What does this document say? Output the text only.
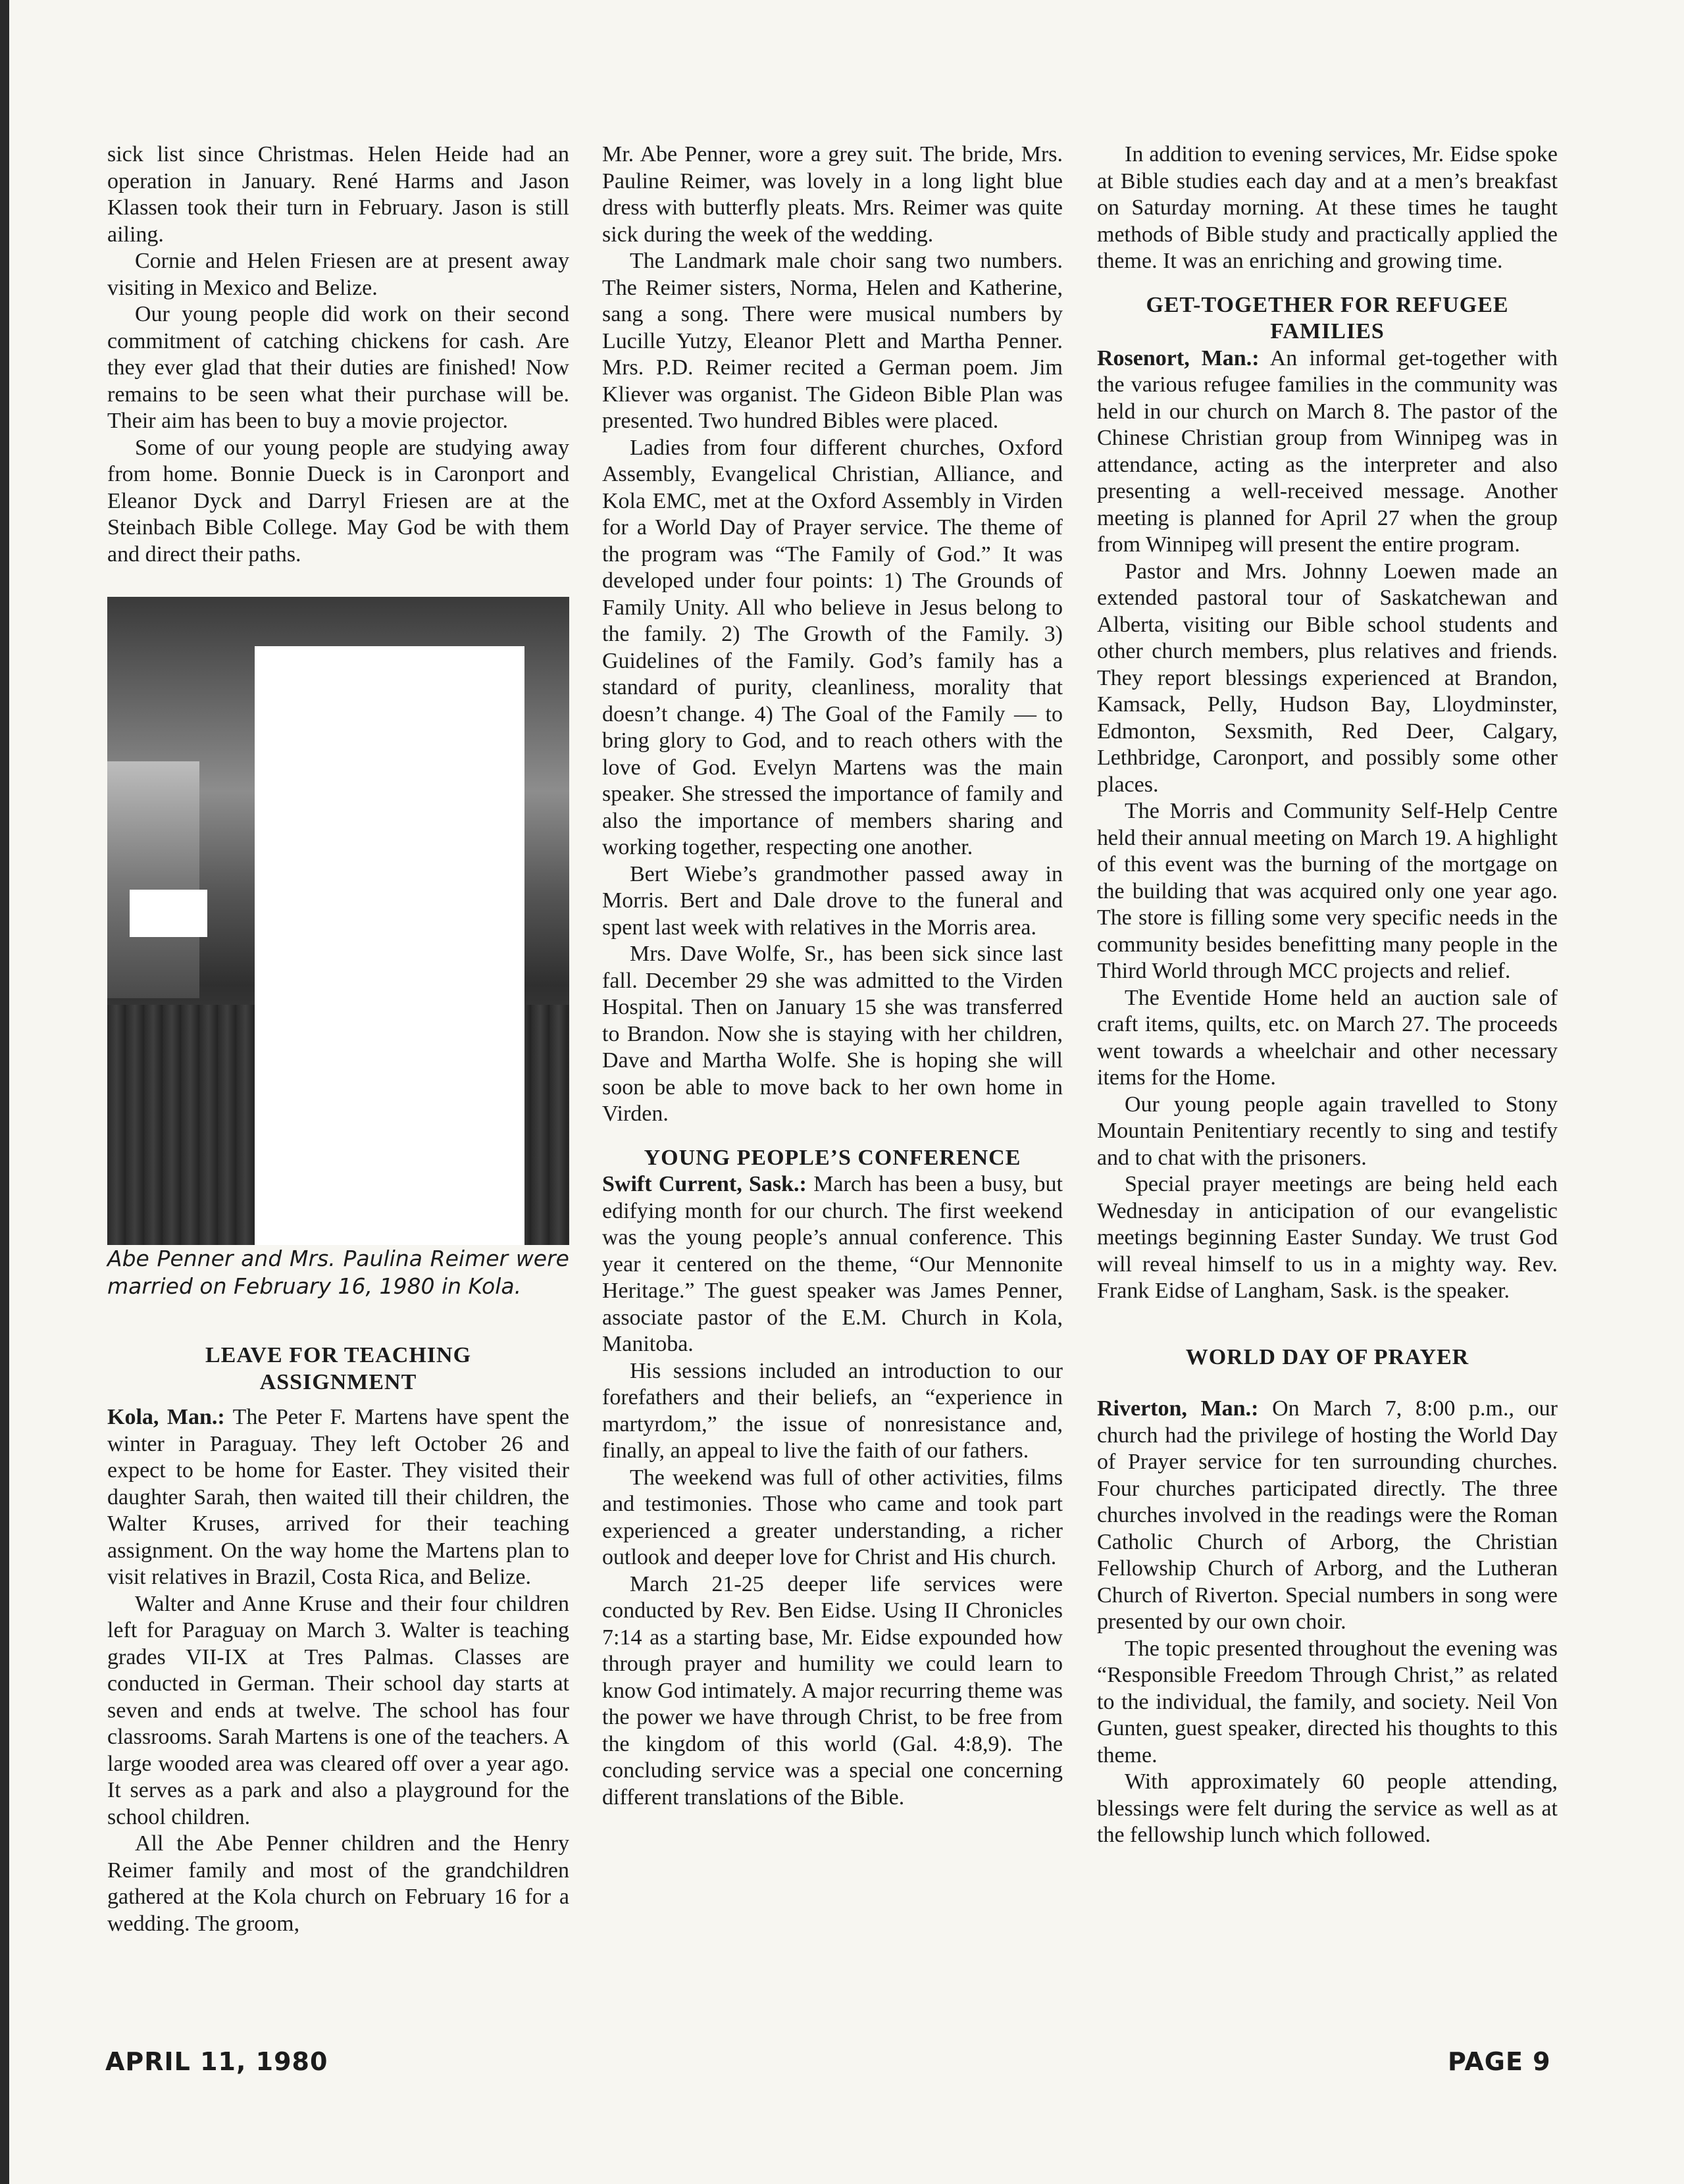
sick list since Christmas. Helen Heide had an operation in January. René Harms and Jason Klassen took their turn in February. Jason is still ailing.

Cornie and Helen Friesen are at present away visiting in Mexico and Belize.

Our young people did work on their second commitment of catching chickens for cash. Are they ever glad that their duties are finished! Now remains to be seen what their purchase will be. Their aim has been to buy a movie projector.

Some of our young people are studying away from home. Bonnie Dueck is in Caronport and Eleanor Dyck and Darryl Friesen are at the Steinbach Bible College. May God be with them and direct their paths.

Abe Penner and Mrs. Paulina Reimer were married on February 16, 1980 in Kola.

LEAVE FOR TEACHING ASSIGNMENT

Kola, Man.: The Peter F. Martens have spent the winter in Paraguay. They left October 26 and expect to be home for Easter. They visited their daughter Sarah, then waited till their children, the Walter Kruses, arrived for their teaching assignment. On the way home the Martens plan to visit relatives in Brazil, Costa Rica, and Belize.

Walter and Anne Kruse and their four children left for Paraguay on March 3. Walter is teaching grades VII-IX at Tres Palmas. Classes are conducted in German. Their school day starts at seven and ends at twelve. The school has four classrooms. Sarah Martens is one of the teachers. A large wooded area was cleared off over a year ago. It serves as a park and also a playground for the school children.

All the Abe Penner children and the Henry Reimer family and most of the grandchildren gathered at the Kola church on February 16 for a wedding. The groom,

Mr. Abe Penner, wore a grey suit. The bride, Mrs. Pauline Reimer, was lovely in a long light blue dress with butterfly pleats. Mrs. Reimer was quite sick during the week of the wedding.

The Landmark male choir sang two numbers. The Reimer sisters, Norma, Helen and Katherine, sang a song. There were musical numbers by Lucille Yutzy, Eleanor Plett and Martha Penner. Mrs. P.D. Reimer recited a German poem. Jim Kliever was organist. The Gideon Bible Plan was presented. Two hundred Bibles were placed.

Ladies from four different churches, Oxford Assembly, Evangelical Christian, Alliance, and Kola EMC, met at the Oxford Assembly in Virden for a World Day of Prayer service. The theme of the program was “The Family of God.” It was developed under four points: 1) The Grounds of Family Unity. All who believe in Jesus belong to the family. 2) The Growth of the Family. 3) Guidelines of the Family. God’s family has a standard of purity, cleanliness, morality that doesn’t change. 4) The Goal of the Family — to bring glory to God, and to reach others with the love of God. Evelyn Martens was the main speaker. She stressed the importance of family and also the importance of members sharing and working together, respecting one another.

Bert Wiebe’s grandmother passed away in Morris. Bert and Dale drove to the funeral and spent last week with relatives in the Morris area.

Mrs. Dave Wolfe, Sr., has been sick since last fall. December 29 she was admitted to the Virden Hospital. Then on January 15 she was transferred to Brandon. Now she is staying with her children, Dave and Martha Wolfe. She is hoping she will soon be able to move back to her own home in Virden.

YOUNG PEOPLE’S CONFERENCE

Swift Current, Sask.: March has been a busy, but edifying month for our church. The first weekend was the young people’s annual conference. This year it centered on the theme, “Our Mennonite Heritage.” The guest speaker was James Penner, associate pastor of the E.M. Church in Kola, Manitoba.

His sessions included an introduction to our forefathers and their beliefs, an “experience in martyrdom,” the issue of nonresistance and, finally, an appeal to live the faith of our fathers.

The weekend was full of other activities, films and testimonies. Those who came and took part experienced a greater understanding, a richer outlook and deeper love for Christ and His church.

March 21-25 deeper life services were conducted by Rev. Ben Eidse. Using II Chronicles 7:14 as a starting base, Mr. Eidse expounded how through prayer and humility we could learn to know God intimately. A major recurring theme was the power we have through Christ, to be free from the kingdom of this world (Gal. 4:8,9). The concluding service was a special one concerning different translations of the Bible.

In addition to evening services, Mr. Eidse spoke at Bible studies each day and at a men’s breakfast on Saturday morning. At these times he taught methods of Bible study and practically applied the theme. It was an enriching and growing time.

GET-TOGETHER FOR REFUGEE FAMILIES

Rosenort, Man.: An informal get-together with the various refugee families in the community was held in our church on March 8. The pastor of the Chinese Christian group from Winnipeg was in attendance, acting as the interpreter and also presenting a well-received message. Another meeting is planned for April 27 when the group from Winnipeg will present the entire program.

Pastor and Mrs. Johnny Loewen made an extended pastoral tour of Saskatchewan and Alberta, visiting our Bible school students and other church members, plus relatives and friends. They report blessings experienced at Brandon, Kamsack, Pelly, Hudson Bay, Lloydminster, Edmonton, Sexsmith, Red Deer, Calgary, Lethbridge, Caronport, and possibly some other places.

The Morris and Community Self-Help Centre held their annual meeting on March 19. A highlight of this event was the burning of the mortgage on the building that was acquired only one year ago. The store is filling some very specific needs in the community besides benefitting many people in the Third World through MCC projects and relief.

The Eventide Home held an auction sale of craft items, quilts, etc. on March 27. The proceeds went towards a wheelchair and other necessary items for the Home.

Our young people again travelled to Stony Mountain Penitentiary recently to sing and testify and to chat with the prisoners.

Special prayer meetings are being held each Wednesday in anticipation of our evangelistic meetings beginning Easter Sunday. We trust God will reveal himself to us in a mighty way. Rev. Frank Eidse of Langham, Sask. is the speaker.

WORLD DAY OF PRAYER

Riverton, Man.: On March 7, 8:00 p.m., our church had the privilege of hosting the World Day of Prayer service for ten surrounding churches. Four churches participated directly. The three churches involved in the readings were the Roman Catholic Church of Arborg, the Christian Fellowship Church of Arborg, and the Lutheran Church of Riverton. Special numbers in song were presented by our own choir.

The topic presented throughout the evening was “Responsible Freedom Through Christ,” as related to the individual, the family, and society. Neil Von Gunten, guest speaker, directed his thoughts to this theme.

With approximately 60 people attending, blessings were felt during the service as well as at the fellowship lunch which followed.

APRIL 11, 1980	PAGE 9
